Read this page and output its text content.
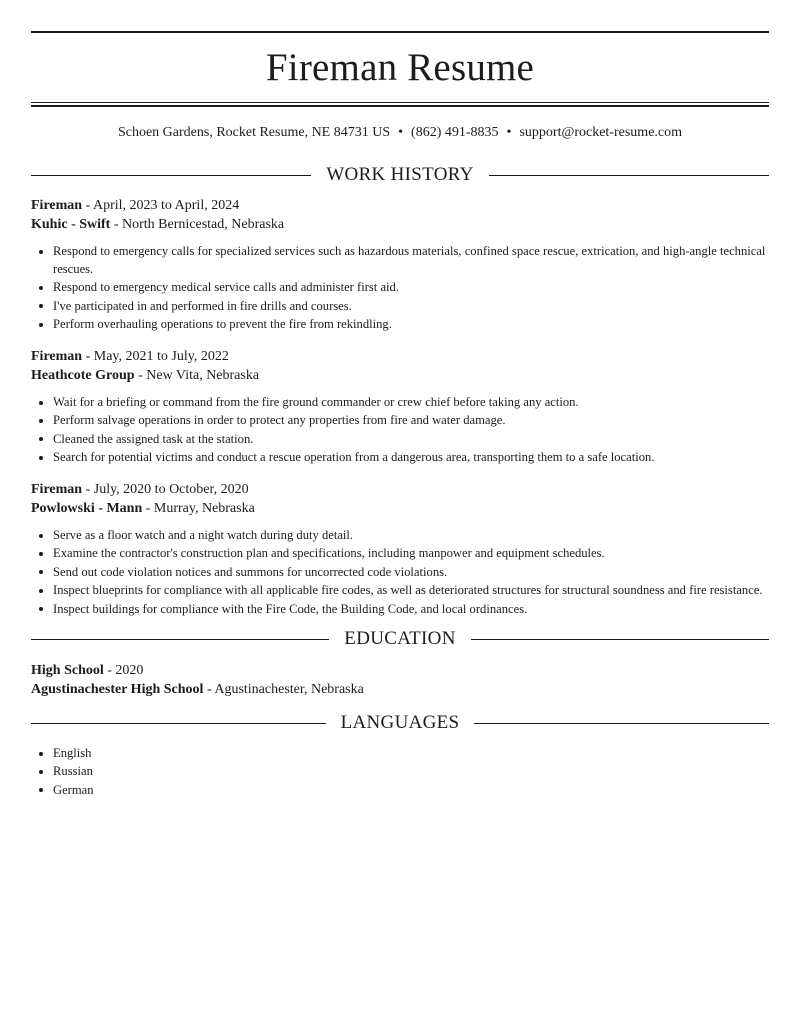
Fireman Resume
Schoen Gardens, Rocket Resume, NE 84731 US • (862) 491-8835 • support@rocket-resume.com
WORK HISTORY
Fireman - April, 2023 to April, 2024
Kuhic - Swift - North Bernicestad, Nebraska
Respond to emergency calls for specialized services such as hazardous materials, confined space rescue, extrication, and high-angle technical rescues.
Respond to emergency medical service calls and administer first aid.
I've participated in and performed in fire drills and courses.
Perform overhauling operations to prevent the fire from rekindling.
Fireman - May, 2021 to July, 2022
Heathcote Group - New Vita, Nebraska
Wait for a briefing or command from the fire ground commander or crew chief before taking any action.
Perform salvage operations in order to protect any properties from fire and water damage.
Cleaned the assigned task at the station.
Search for potential victims and conduct a rescue operation from a dangerous area, transporting them to a safe location.
Fireman - July, 2020 to October, 2020
Powlowski - Mann - Murray, Nebraska
Serve as a floor watch and a night watch during duty detail.
Examine the contractor's construction plan and specifications, including manpower and equipment schedules.
Send out code violation notices and summons for uncorrected code violations.
Inspect blueprints for compliance with all applicable fire codes, as well as deteriorated structures for structural soundness and fire resistance.
Inspect buildings for compliance with the Fire Code, the Building Code, and local ordinances.
EDUCATION
High School - 2020
Agustinachester High School - Agustinachester, Nebraska
LANGUAGES
English
Russian
German
